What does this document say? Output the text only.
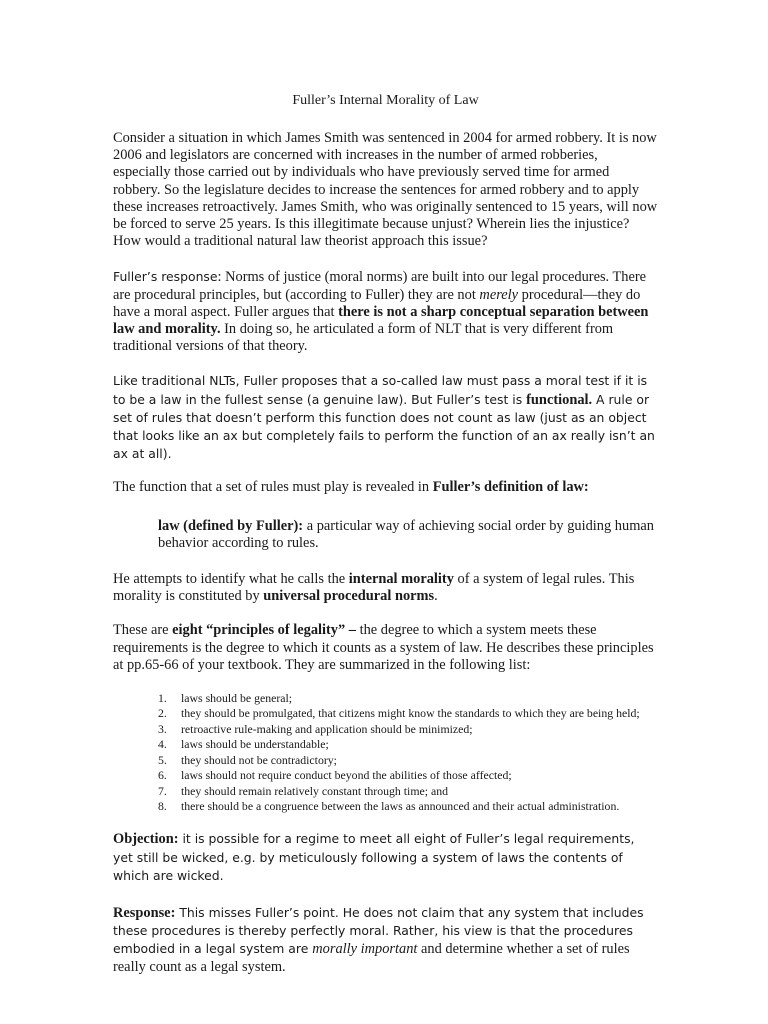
Fuller’s Internal Morality of Law

Consider a situation in which James Smith was sentenced in 2004 for armed robbery. It is now 2006 and legislators are concerned with increases in the number of armed robberies, especially those carried out by individuals who have previously served time for armed robbery. So the legislature decides to increase the sentences for armed robbery and to apply these increases retroactively. James Smith, who was originally sentenced to 15 years, will now be forced to serve 25 years. Is this illegitimate because unjust? Wherein lies the injustice? How would a traditional natural law theorist approach this issue?

Fuller’s response: Norms of justice (moral norms) are built into our legal procedures. There are procedural principles, but (according to Fuller) they are not merely procedural—they do have a moral aspect. Fuller argues that there is not a sharp conceptual separation between law and morality. In doing so, he articulated a form of NLT that is very different from traditional versions of that theory.

Like traditional NLTs, Fuller proposes that a so-called law must pass a moral test if it is to be a law in the fullest sense (a genuine law). But Fuller’s test is functional. A rule or set of rules that doesn’t perform this function does not count as law (just as an object that looks like an ax but completely fails to perform the function of an ax really isn’t an ax at all).

The function that a set of rules must play is revealed in Fuller’s definition of law:

law (defined by Fuller): a particular way of achieving social order by guiding human behavior according to rules.

He attempts to identify what he calls the internal morality of a system of legal rules. This morality is constituted by universal procedural norms.

These are eight “principles of legality” – the degree to which a system meets these requirements is the degree to which it counts as a system of law. He describes these principles at pp.65-66 of your textbook. They are summarized in the following list:

1. laws should be general;
2. they should be promulgated, that citizens might know the standards to which they are being held;
3. retroactive rule-making and application should be minimized;
4. laws should be understandable;
5. they should not be contradictory;
6. laws should not require conduct beyond the abilities of those affected;
7. they should remain relatively constant through time; and
8. there should be a congruence between the laws as announced and their actual administration.

Objection: it is possible for a regime to meet all eight of Fuller’s legal requirements, yet still be wicked, e.g. by meticulously following a system of laws the contents of which are wicked.

Response: This misses Fuller’s point. He does not claim that any system that includes these procedures is thereby perfectly moral. Rather, his view is that the procedures embodied in a legal system are morally important and determine whether a set of rules really count as a legal system.
